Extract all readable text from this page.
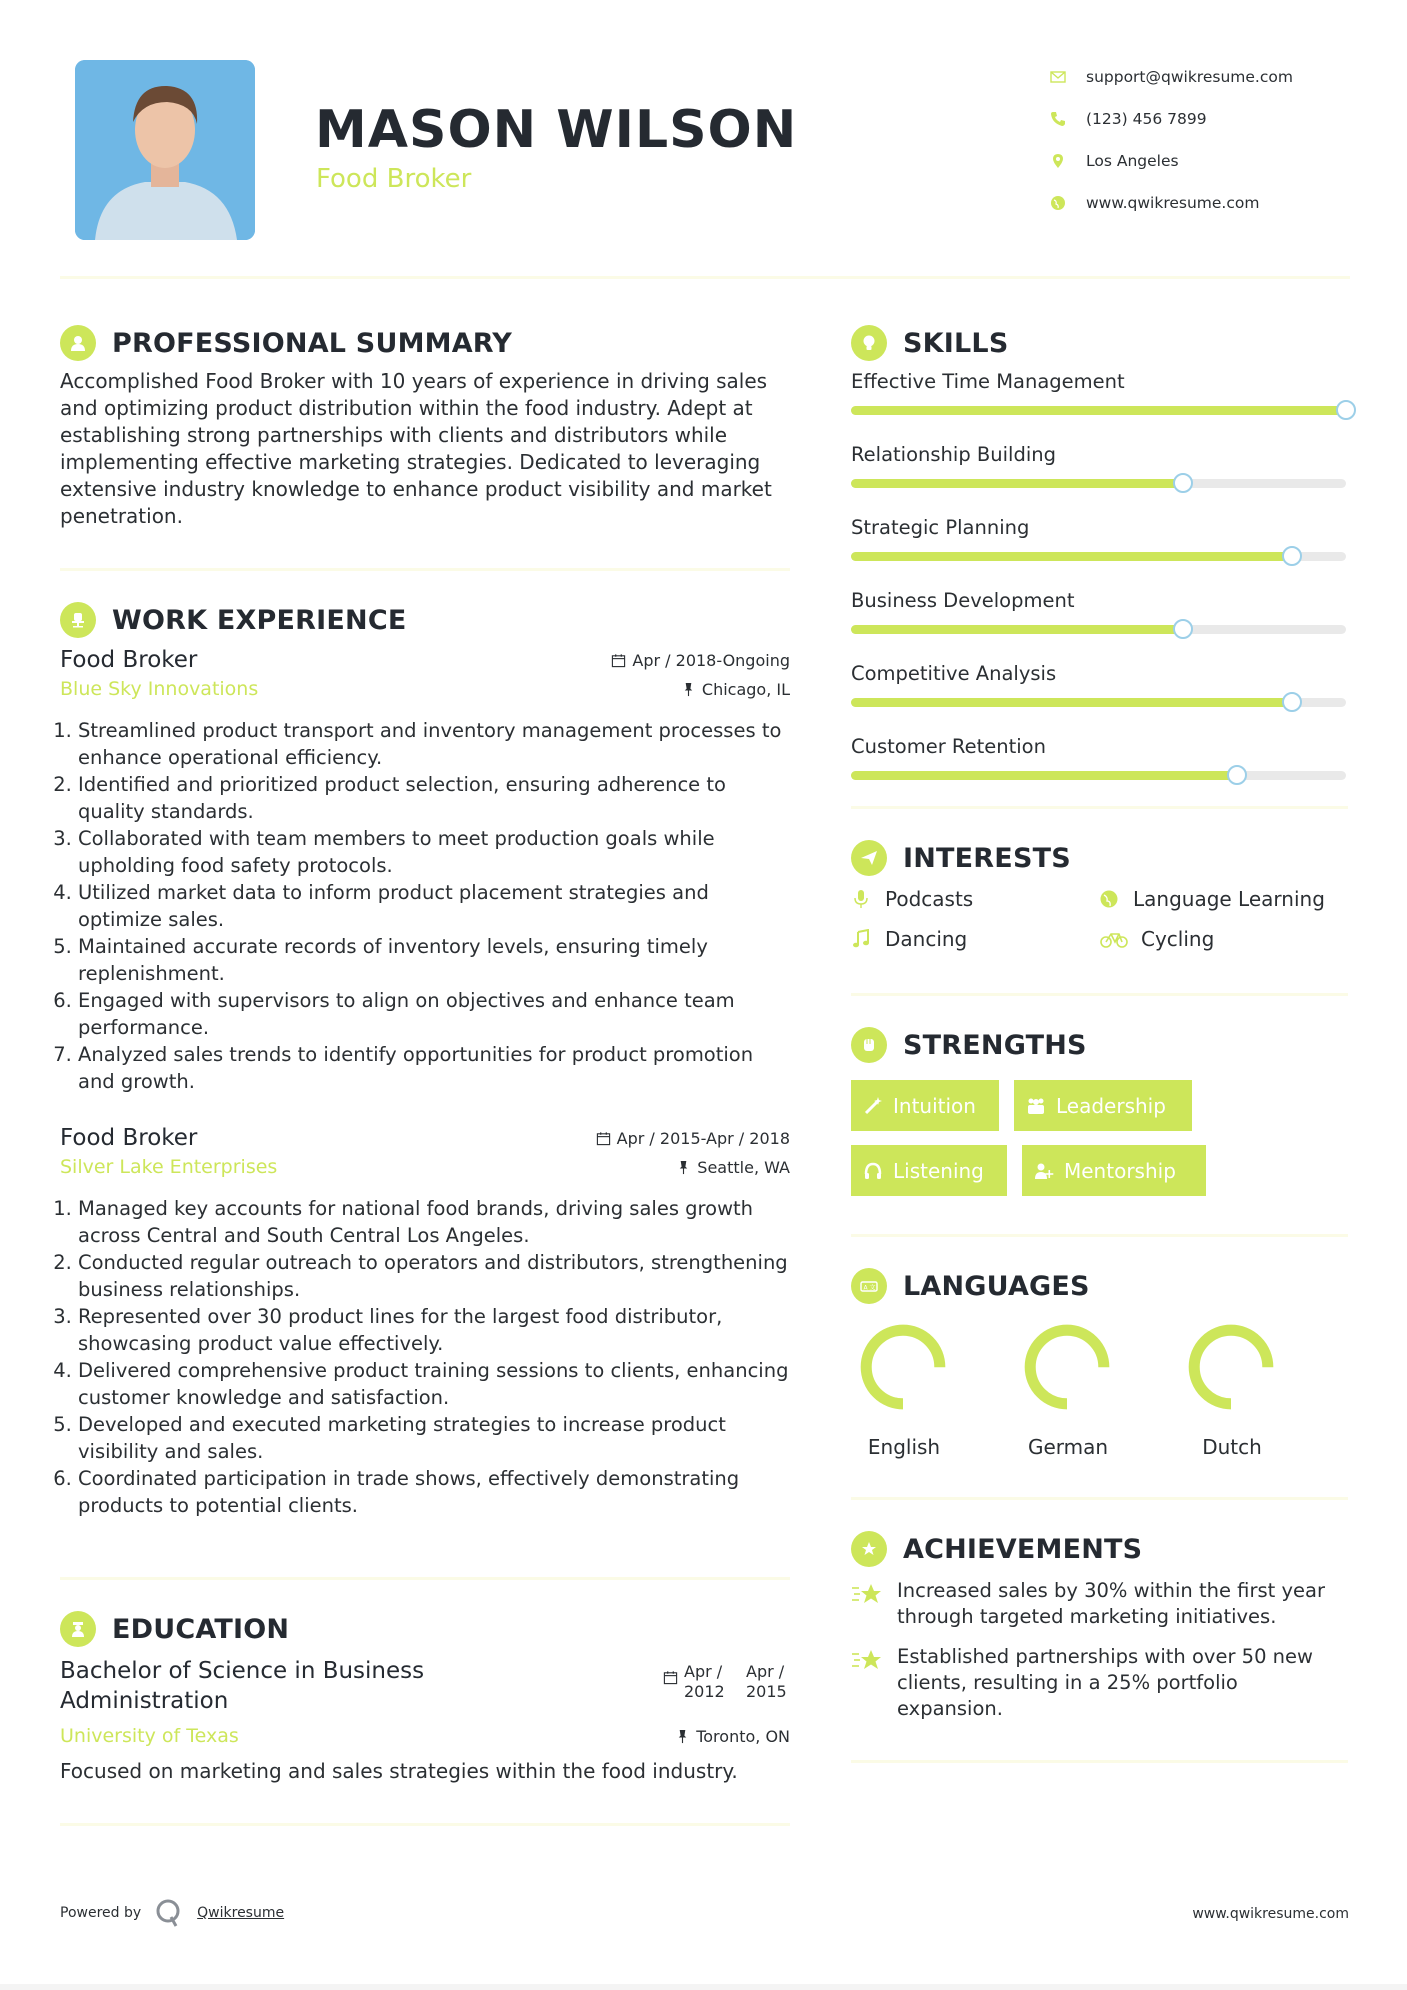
MASON WILSON
Food Broker
support@qwikresume.com
(123) 456 7899
Los Angeles
www.qwikresume.com
PROFESSIONAL SUMMARY

Accomplished Food Broker with 10 years of experience in driving sales and optimizing product distribution within the food industry. Adept at establishing strong partnerships with clients and distributors while implementing effective marketing strategies. Dedicated to leveraging extensive industry knowledge to enhance product visibility and market penetration.

WORK EXPERIENCE
Food Broker	Apr / 2018-Ongoing
Blue Sky Innovations	Chicago, IL
1. Streamlined product transport and inventory management processes to enhance operational efficiency.
2. Identified and prioritized product selection, ensuring adherence to quality standards.
3. Collaborated with team members to meet production goals while upholding food safety protocols.
4. Utilized market data to inform product placement strategies and optimize sales.
5. Maintained accurate records of inventory levels, ensuring timely replenishment.
6. Engaged with supervisors to align on objectives and enhance team performance.
7. Analyzed sales trends to identify opportunities for product promotion and growth.
Food Broker	Apr / 2015-Apr / 2018
Silver Lake Enterprises	Seattle, WA
1. Managed key accounts for national food brands, driving sales growth across Central and South Central Los Angeles.
2. Conducted regular outreach to operators and distributors, strengthening business relationships.
3. Represented over 30 product lines for the largest food distributor, showcasing product value effectively.
4. Delivered comprehensive product training sessions to clients, enhancing customer knowledge and satisfaction.
5. Developed and executed marketing strategies to increase product visibility and sales.
6. Coordinated participation in trade shows, effectively demonstrating products to potential clients.
EDUCATION
Bachelor of Science in Business Administration
Apr / 2012
Apr / 2015
University of Texas	Toronto, ON

Focused on marketing and sales strategies within the food industry.

SKILLS
Effective Time Management
Relationship Building
Strategic Planning
Business Development
Competitive Analysis
Customer Retention
INTERESTS
Podcasts	Language Learning
Dancing	Cycling
STRENGTHS
Intuition	Leadership
Listening	Mentorship
A 文 LANGUAGES
English	German	Dutch
ACHIEVEMENTS
Increased sales by 30% within the first year through targeted marketing initiatives.
Established partnerships with over 50 new clients, resulting in a 25% portfolio expansion.
Powered by	Qwikresume	www.qwikresume.com
